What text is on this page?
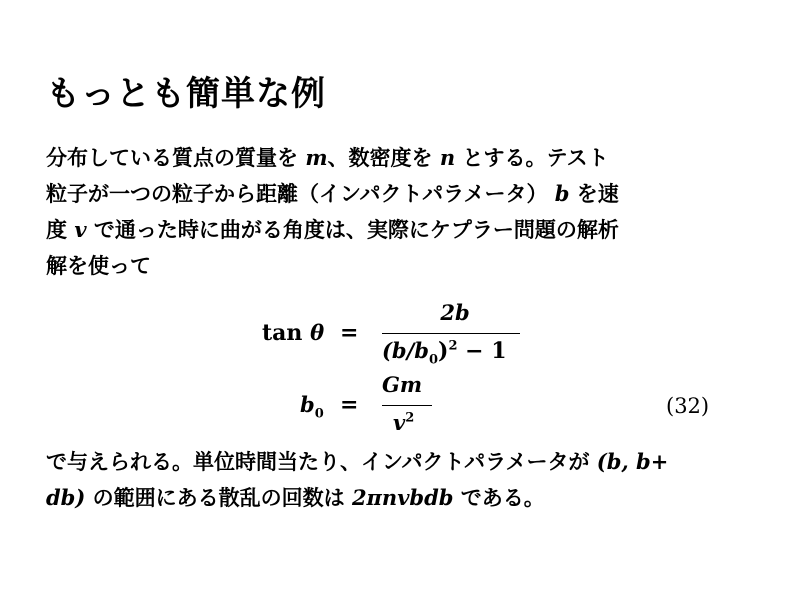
もっとも簡単な例
分布している質点の質量を m、数密度を n とする。テスト
粒子が一つの粒子から距離（インパクトパラメータ） b を速
度 v で通った時に曲がる角度は、実際にケプラー問題の解析
解を使って
tan θ =
2b
$(b/b_0)^2 - 1$
$b_0$ =
Gm
$v^2$
(32)
で与えられる。単位時間当たり、インパクトパラメータが (b, b+
db) の範囲にある散乱の回数は 2πnvbdb である。
